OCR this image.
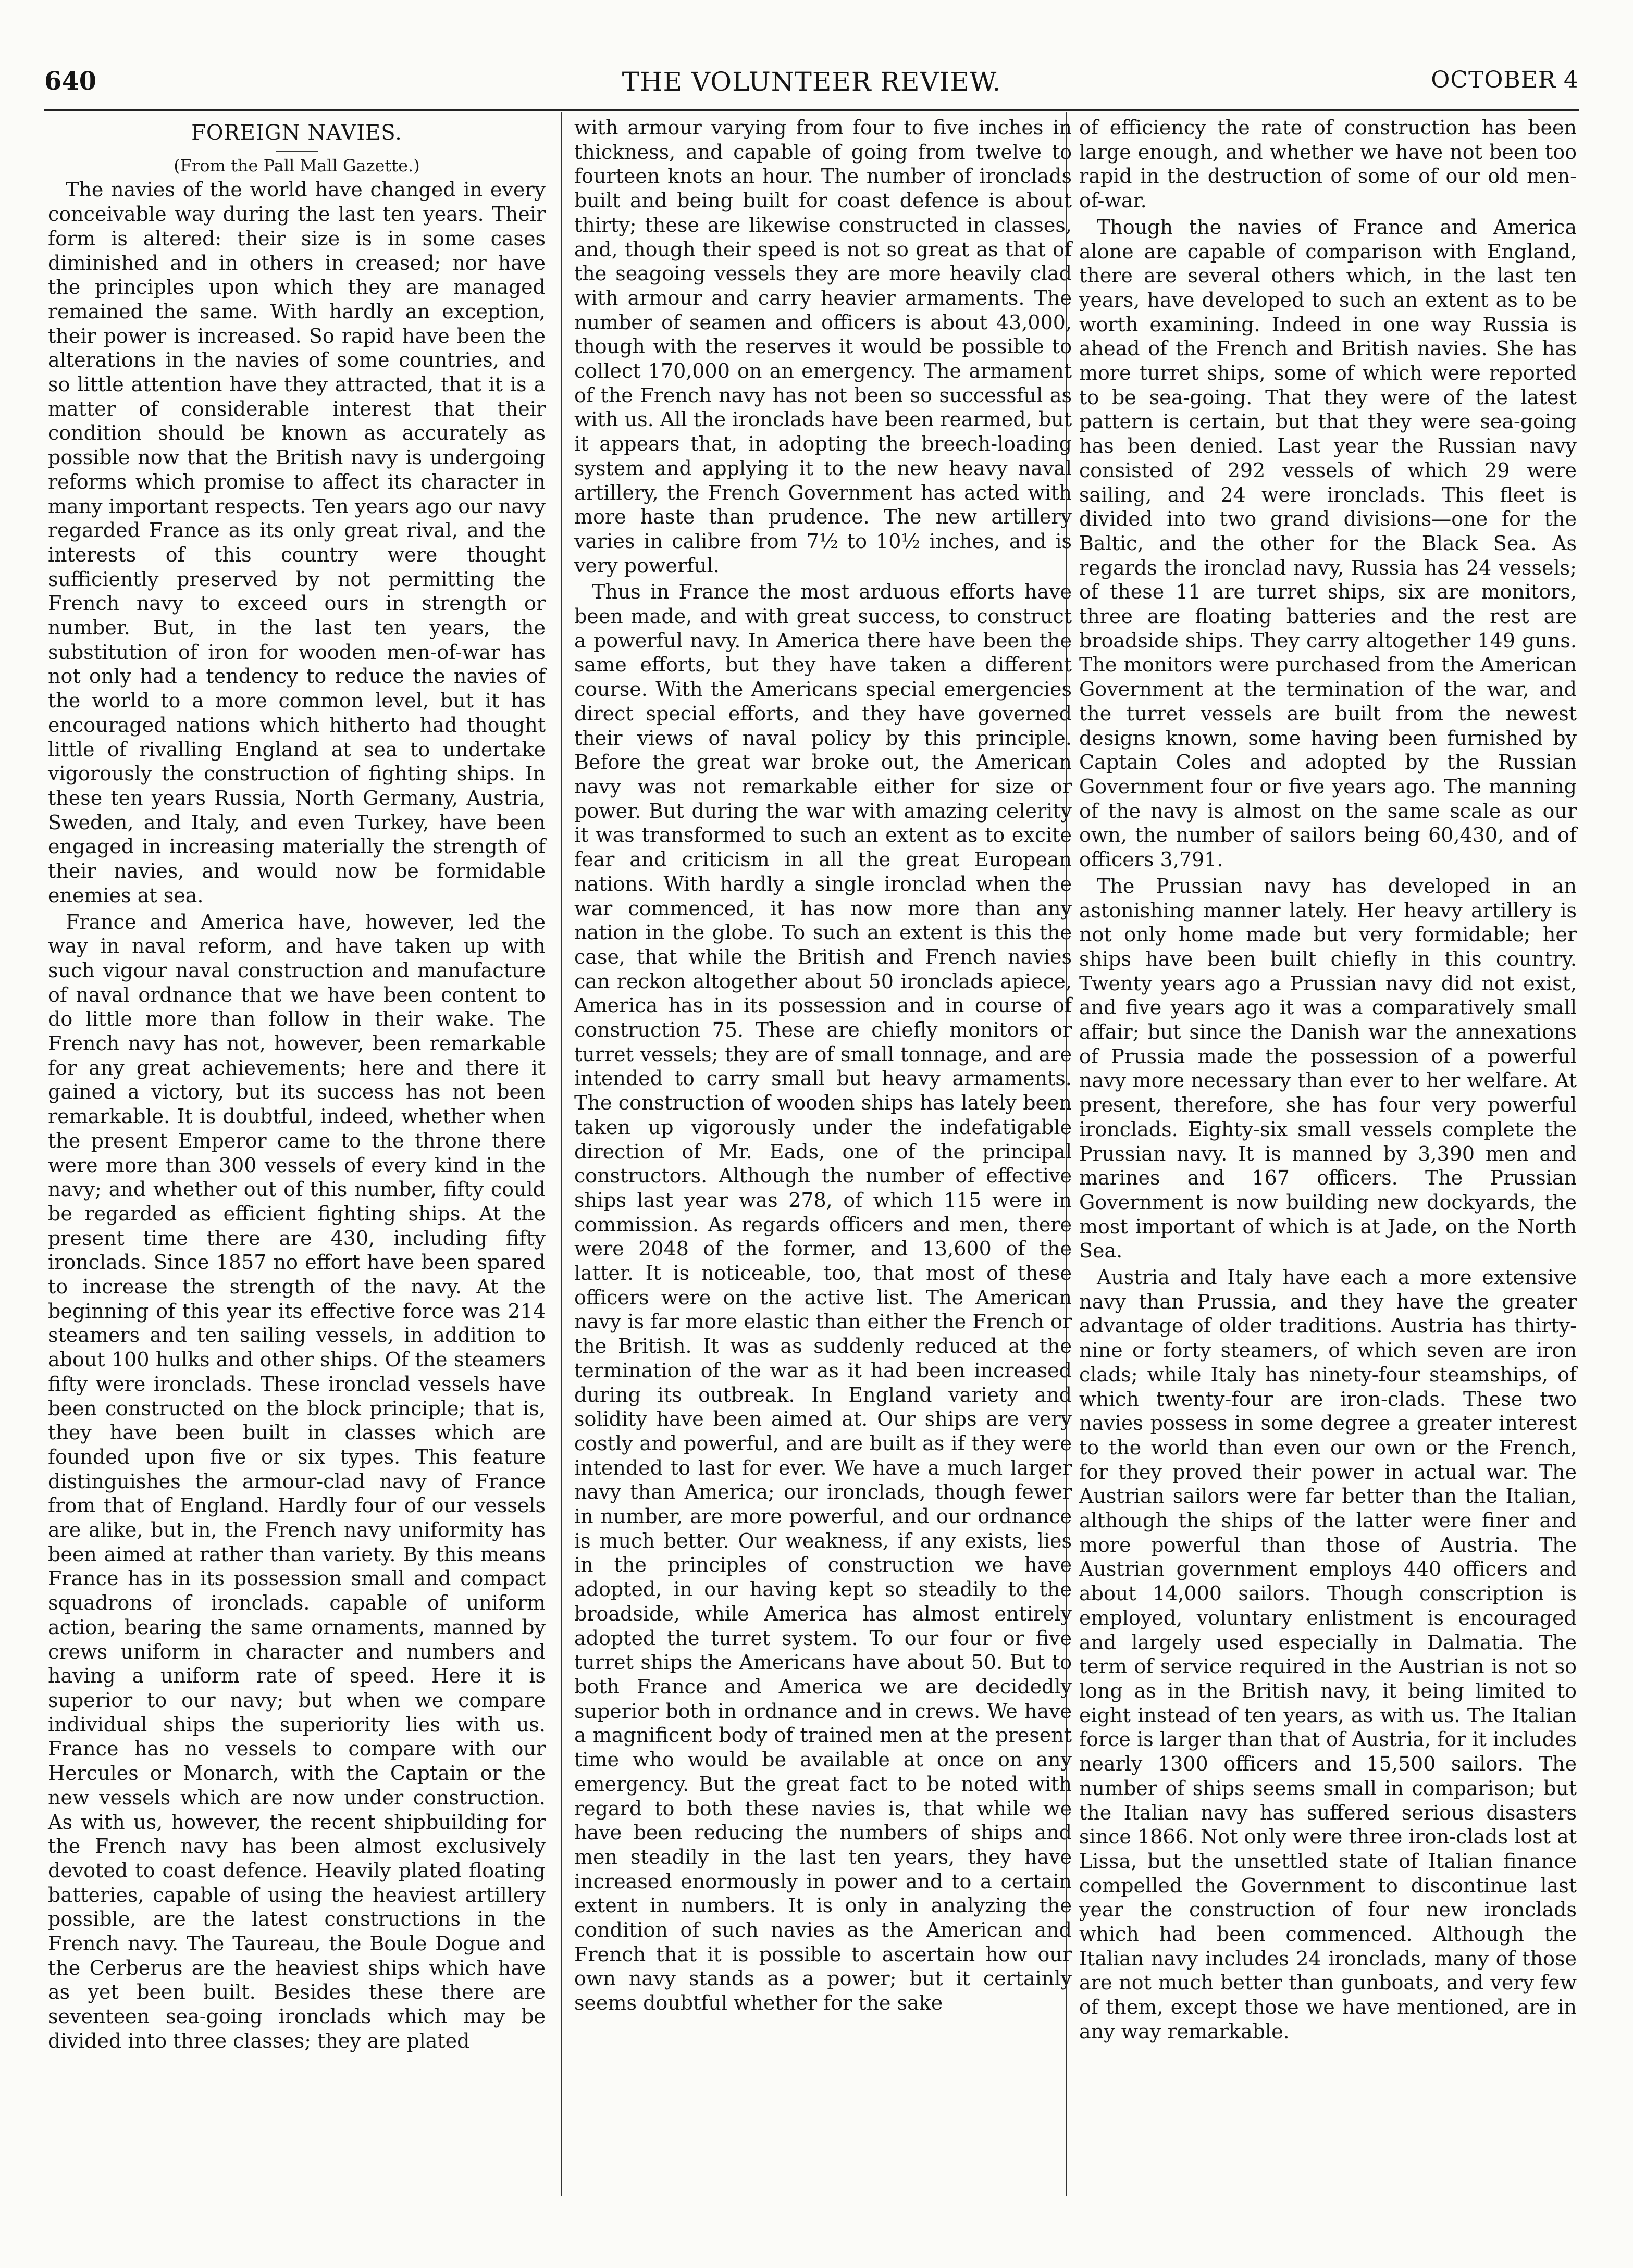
640	THE VOLUNTEER REVIEW.	OCTOBER 4
FOREIGN NAVIES.
(From the Pall Mall Gazette.)

The navies of the world have changed in every conceivable way during the last ten years. Their form is altered: their size is in some cases diminished and in others in creased; nor have the principles upon which they are managed remained the same. With hardly an exception, their power is increased. So rapid have been the alterations in the navies of some countries, and so little attention have they attracted, that it is a matter of considerable interest that their condition should be known as accurately as possible now that the British navy is undergoing reforms which promise to affect its character in many important respects. Ten years ago our navy regarded France as its only great rival, and the interests of this country were thought sufficiently preserved by not permitting the French navy to exceed ours in strength or number. But, in the last ten years, the substitution of iron for wooden men-of-war has not only had a tendency to reduce the navies of the world to a more common level, but it has encouraged nations which hitherto had thought little of rivalling England at sea to undertake vigorously the construction of fighting ships. In these ten years Russia, North Germany, Austria, Sweden, and Italy, and even Turkey, have been engaged in increasing materially the strength of their navies, and would now be formidable enemies at sea.

France and America have, however, led the way in naval reform, and have taken up with such vigour naval construction and manufacture of naval ordnance that we have been content to do little more than follow in their wake. The French navy has not, however, been remarkable for any great achievements; here and there it gained a victory, but its success has not been remarkable. It is doubtful, indeed, whether when the present Emperor came to the throne there were more than 300 vessels of every kind in the navy; and whether out of this number, fifty could be regarded as efficient fighting ships. At the present time there are 430, including fifty ironclads. Since 1857 no effort have been spared to increase the strength of the navy. At the beginning of this year its effective force was 214 steamers and ten sailing vessels, in addition to about 100 hulks and other ships. Of the steamers fifty were ironclads. These ironclad vessels have been constructed on the block principle; that is, they have been built in classes which are founded upon five or six types. This feature distinguishes the armour-clad navy of France from that of England. Hardly four of our vessels are alike, but in, the French navy uniformity has been aimed at rather than variety. By this means France has in its possession small and compact squadrons of ironclads. capable of uniform action, bearing the same ornaments, manned by crews uniform in character and numbers and having a uniform rate of speed. Here it is superior to our navy; but when we compare individual ships the superiority lies with us. France has no vessels to compare with our Hercules or Monarch, with the Captain or the new vessels which are now under construction. As with us, however, the recent shipbuilding for the French navy has been almost exclusively devoted to coast defence. Heavily plated floating batteries, capable of using the heaviest artillery possible, are the latest constructions in the French navy. The Taureau, the Boule Dogue and the Cerberus are the heaviest ships which have as yet been built. Besides these there are seventeen sea-going ironclads which may be divided into three classes; they are plated

with armour varying from four to five inches in thickness, and capable of going from twelve to fourteen knots an hour. The number of ironclads built and being built for coast defence is about thirty; these are likewise constructed in classes, and, though their speed is not so great as that of the seagoing vessels they are more heavily clad with armour and carry heavier armaments. The number of seamen and officers is about 43,000, though with the reserves it would be possible to collect 170,000 on an emergency. The armament of the French navy has not been so successful as with us. All the ironclads have been rearmed, but it appears that, in adopting the breech-loading system and applying it to the new heavy naval artillery, the French Government has acted with more haste than prudence. The new artillery varies in calibre from 7½ to 10½ inches, and is very powerful.

Thus in France the most arduous efforts have been made, and with great success, to construct a powerful navy. In America there have been the same efforts, but they have taken a different course. With the Americans special emergencies direct special efforts, and they have governed their views of naval policy by this principle. Before the great war broke out, the American navy was not remarkable either for size or power. But during the war with amazing celerity it was transformed to such an extent as to excite fear and criticism in all the great European nations. With hardly a single ironclad when the war commenced, it has now more than any nation in the globe. To such an extent is this the case, that while the British and French navies can reckon altogether about 50 ironclads apiece, America has in its possession and in course of construction 75. These are chiefly monitors or turret vessels; they are of small tonnage, and are intended to carry small but heavy armaments. The construction of wooden ships has lately been taken up vigorously under the indefatigable direction of Mr. Eads, one of the principal constructors. Although the number of effective ships last year was 278, of which 115 were in commission. As regards officers and men, there were 2048 of the former, and 13,600 of the latter. It is noticeable, too, that most of these officers were on the active list. The American navy is far more elastic than either the French or the British. It was as suddenly reduced at the termination of the war as it had been increased during its outbreak. In England variety and solidity have been aimed at. Our ships are very costly and powerful, and are built as if they were intended to last for ever. We have a much larger navy than America; our ironclads, though fewer in number, are more powerful, and our ordnance is much better. Our weakness, if any exists, lies in the principles of construction we have adopted, in our having kept so steadily to the broadside, while America has almost entirely adopted the turret system. To our four or five turret ships the Americans have about 50. But to both France and America we are decidedly superior both in ordnance and in crews. We have a magnificent body of trained men at the present time who would be available at once on any emergency. But the great fact to be noted with regard to both these navies is, that while we have been reducing the numbers of ships and men steadily in the last ten years, they have increased enormously in power and to a certain extent in numbers. It is only in analyzing the condition of such navies as the American and French that it is possible to ascertain how our own navy stands as a power; but it certainly seems doubtful whether for the sake

of efficiency the rate of construction has been large enough, and whether we have not been too rapid in the destruction of some of our old men-of-war.

Though the navies of France and America alone are capable of comparison with England, there are several others which, in the last ten years, have developed to such an extent as to be worth examining. Indeed in one way Russia is ahead of the French and British navies. She has more turret ships, some of which were reported to be sea-going. That they were of the latest pattern is certain, but that they were sea-going has been denied. Last year the Russian navy consisted of 292 vessels of which 29 were sailing, and 24 were ironclads. This fleet is divided into two grand divisions—one for the Baltic, and the other for the Black Sea. As regards the ironclad navy, Russia has 24 vessels; of these 11 are turret ships, six are monitors, three are floating batteries and the rest are broadside ships. They carry altogether 149 guns. The monitors were purchased from the American Government at the termination of the war, and the turret vessels are built from the newest designs known, some having been furnished by Captain Coles and adopted by the Russian Government four or five years ago. The manning of the navy is almost on the same scale as our own, the number of sailors being 60,430, and of officers 3,791.

The Prussian navy has developed in an astonishing manner lately. Her heavy artillery is not only home made but very formidable; her ships have been built chiefly in this country. Twenty years ago a Prussian navy did not exist, and five years ago it was a comparatively small affair; but since the Danish war the annexations of Prussia made the possession of a powerful navy more necessary than ever to her welfare. At present, therefore, she has four very powerful ironclads. Eighty-six small vessels complete the Prussian navy. It is manned by 3,390 men and marines and 167 officers. The Prussian Government is now building new dockyards, the most important of which is at Jade, on the North Sea.

Austria and Italy have each a more extensive navy than Prussia, and they have the greater advantage of older traditions. Austria has thirty-nine or forty steamers, of which seven are iron clads; while Italy has ninety-four steamships, of which twenty-four are iron-clads. These two navies possess in some degree a greater interest to the world than even our own or the French, for they proved their power in actual war. The Austrian sailors were far better than the Italian, although the ships of the latter were finer and more powerful than those of Austria. The Austrian government employs 440 officers and about 14,000 sailors. Though conscription is employed, voluntary enlistment is encouraged and largely used especially in Dalmatia. The term of service required in the Austrian is not so long as in the British navy, it being limited to eight instead of ten years, as with us. The Italian force is larger than that of Austria, for it includes nearly 1300 officers and 15,500 sailors. The number of ships seems small in comparison; but the Italian navy has suffered serious disasters since 1866. Not only were three iron-clads lost at Lissa, but the unsettled state of Italian finance compelled the Government to discontinue last year the construction of four new ironclads which had been commenced. Although the Italian navy includes 24 ironclads, many of those are not much better than gunboats, and very few of them, except those we have mentioned, are in any way remarkable.
